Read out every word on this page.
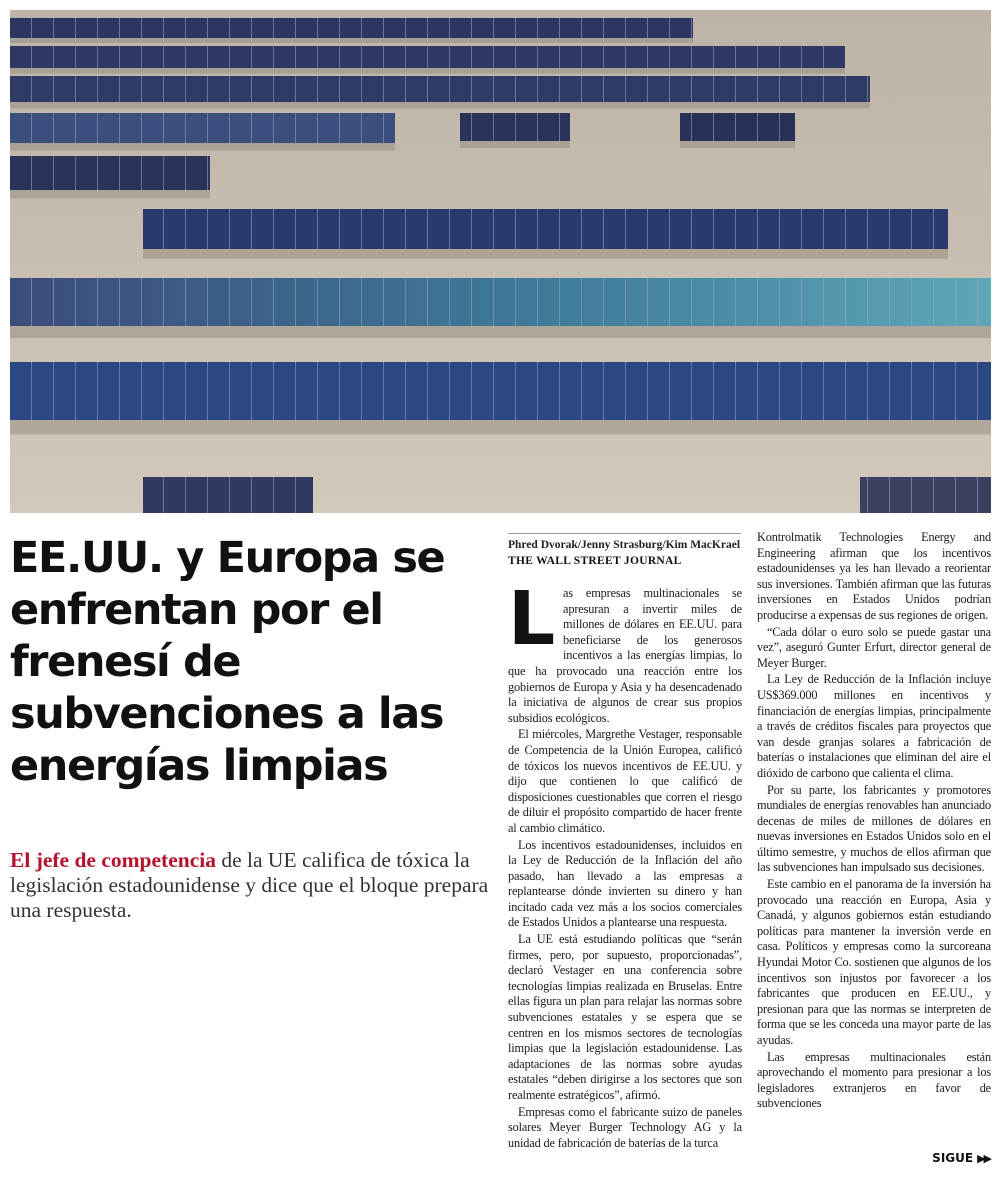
EE.UU. y Europa se enfrentan por el frenesí de subvenciones a las energías limpias

El jefe de competencia de la UE califica de tóxica la legislación estadounidense y dice que el bloque prepara una respuesta.

Phred Dvorak/Jenny Strasburg/Kim MacKrael
THE WALL STREET JOURNAL

Las empresas multinacionales se apresuran a invertir miles de millones de dólares en EE.UU. para beneficiarse de los generosos incentivos a las energías limpias, lo que ha provocado una reacción entre los gobiernos de Europa y Asia y ha desencadenado la iniciativa de algunos de crear sus propios subsidios ecológicos.

El miércoles, Margrethe Vestager, responsable de Competencia de la Unión Europea, calificó de tóxicos los nuevos incentivos de EE.UU. y dijo que contienen lo que calificó de disposiciones cuestionables que corren el riesgo de diluir el propósito compartido de hacer frente al cambio climático.

Los incentivos estadounidenses, incluidos en la Ley de Reducción de la Inflación del año pasado, han llevado a las empresas a replantearse dónde invierten su dinero y han incitado cada vez más a los socios comerciales de Estados Unidos a plantearse una respuesta.

La UE está estudiando políticas que “serán firmes, pero, por supuesto, proporcionadas”, declaró Vestager en una conferencia sobre tecnologías limpias realizada en Bruselas. Entre ellas figura un plan para relajar las normas sobre subvenciones estatales y se espera que se centren en los mismos sectores de tecnologías limpias que la legislación estadounidense. Las adaptaciones de las normas sobre ayudas estatales “deben dirigirse a los sectores que son realmente estratégicos”, afirmó.

Empresas como el fabricante suizo de paneles solares Meyer Burger Technology AG y la unidad de fabricación de baterías de la turca

Kontrolmatik Technologies Energy and Engineering afirman que los incentivos estadounidenses ya les han llevado a reorientar sus inversiones. También afirman que las futuras inversiones en Estados Unidos podrían producirse a expensas de sus regiones de origen.

“Cada dólar o euro solo se puede gastar una vez”, aseguró Gunter Erfurt, director general de Meyer Burger.

La Ley de Reducción de la Inflación incluye US$369.000 millones en incentivos y financiación de energías limpias, principalmente a través de créditos fiscales para proyectos que van desde granjas solares a fabricación de baterías o instalaciones que eliminan del aire el dióxido de carbono que calienta el clima.

Por su parte, los fabricantes y promotores mundiales de energías renovables han anunciado decenas de miles de millones de dólares en nuevas inversiones en Estados Unidos solo en el último semestre, y muchos de ellos afirman que las subvenciones han impulsado sus decisiones.

Este cambio en el panorama de la inversión ha provocado una reacción en Europa, Asia y Canadá, y algunos gobiernos están estudiando políticas para mantener la inversión verde en casa. Políticos y empresas como la surcoreana Hyundai Motor Co. sostienen que algunos de los incentivos son injustos por favorecer a los fabricantes que producen en EE.UU., y presionan para que las normas se interpreten de forma que se les conceda una mayor parte de las ayudas.

Las empresas multinacionales están aprovechando el momento para presionar a los legisladores extranjeros en favor de subvenciones

SIGUE ▶▶
